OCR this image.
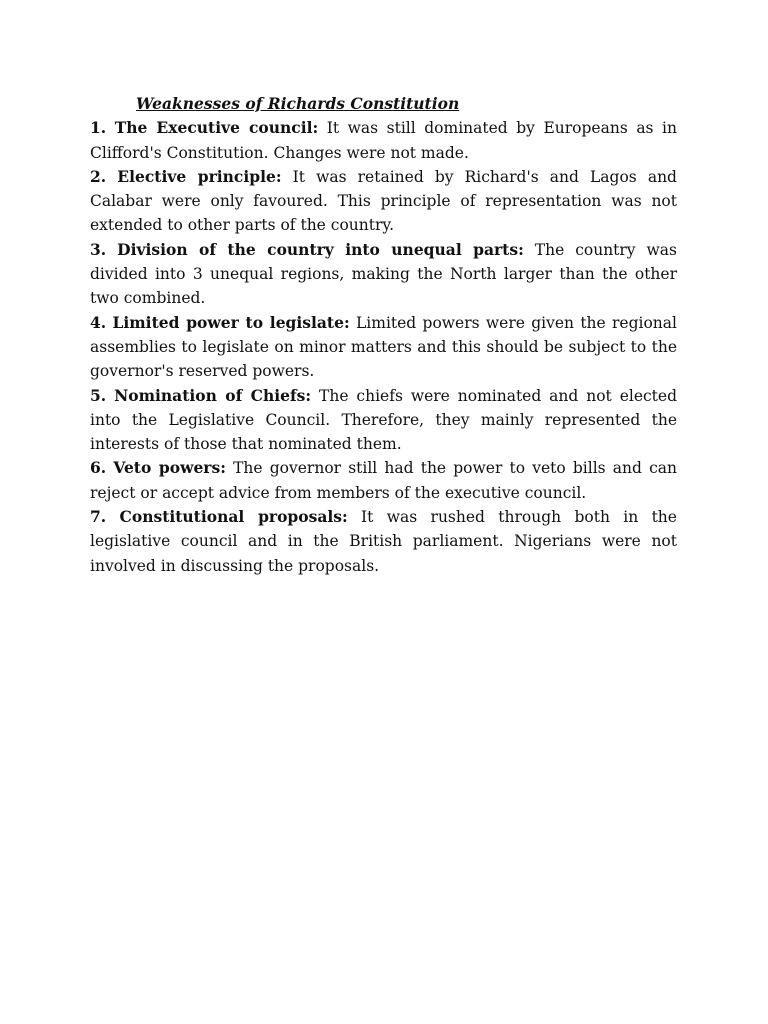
Weaknesses of Richards Constitution

1. The Executive council: It was still dominated by Europeans as in Clifford's Constitution. Changes were not made.

2. Elective principle: It was retained by Richard's and Lagos and Calabar were only favoured. This principle of representation was not extended to other parts of the country.

3. Division of the country into unequal parts: The country was divided into 3 unequal regions, making the North larger than the other two combined.

4. Limited power to legislate: Limited powers were given the regional assemblies to legislate on minor matters and this should be subject to the governor's reserved powers.

5. Nomination of Chiefs: The chiefs were nominated and not elected into the Legislative Council. Therefore, they mainly represented the interests of those that nominated them.

6. Veto powers: The governor still had the power to veto bills and can reject or accept advice from members of the executive council.

7. Constitutional proposals: It was rushed through both in the legislative council and in the British parliament. Nigerians were not involved in discussing the proposals.
